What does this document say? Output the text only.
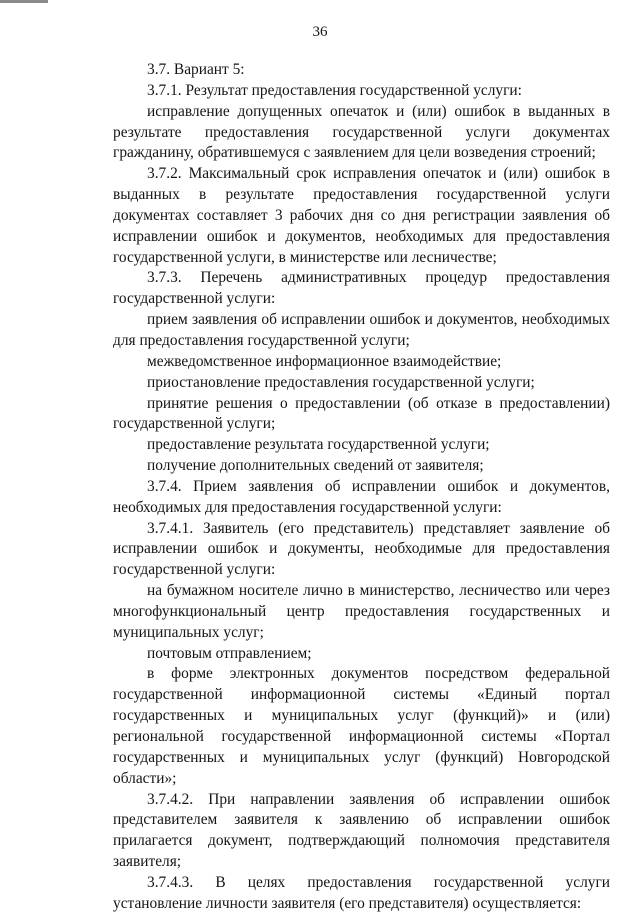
36

3.7. Вариант 5:

3.7.1. Результат предоставления государственной услуги:

исправление допущенных опечаток и (или) ошибок в выданных в результате предоставления государственной услуги документах гражданину, обратившемуся с заявлением для цели возведения строений;

3.7.2. Максимальный срок исправления опечаток и (или) ошибок в выданных в результате предоставления государственной услуги документах составляет 3 рабочих дня со дня регистрации заявления об исправлении ошибок и документов, необходимых для предоставления государственной услуги, в министерстве или лесничестве;

3.7.3. Перечень административных процедур предоставления государственной услуги:

прием заявления об исправлении ошибок и документов, необходимых для предоставления государственной услуги;

межведомственное информационное взаимодействие;

приостановление предоставления государственной услуги;

принятие решения о предоставлении (об отказе в предоставлении) государственной услуги;

предоставление результата государственной услуги;

получение дополнительных сведений от заявителя;

3.7.4. Прием заявления об исправлении ошибок и документов, необходимых для предоставления государственной услуги:

3.7.4.1. Заявитель (его представитель) представляет заявление об исправлении ошибок и документы, необходимые для предоставления государственной услуги:

на бумажном носителе лично в министерство, лесничество или через многофункциональный центр предоставления государственных и муниципальных услуг;

почтовым отправлением;

в форме электронных документов посредством федеральной государственной информационной системы «Единый портал государственных и муниципальных услуг (функций)» и (или) региональной государственной информационной системы «Портал государственных и муниципальных услуг (функций) Новгородской области»;

3.7.4.2. При направлении заявления об исправлении ошибок представителем заявителя к заявлению об исправлении ошибок прилагается документ, подтверждающий полномочия представителя заявителя;

3.7.4.3. В целях предоставления государственной услуги установление личности заявителя (его представителя) осуществляется:
